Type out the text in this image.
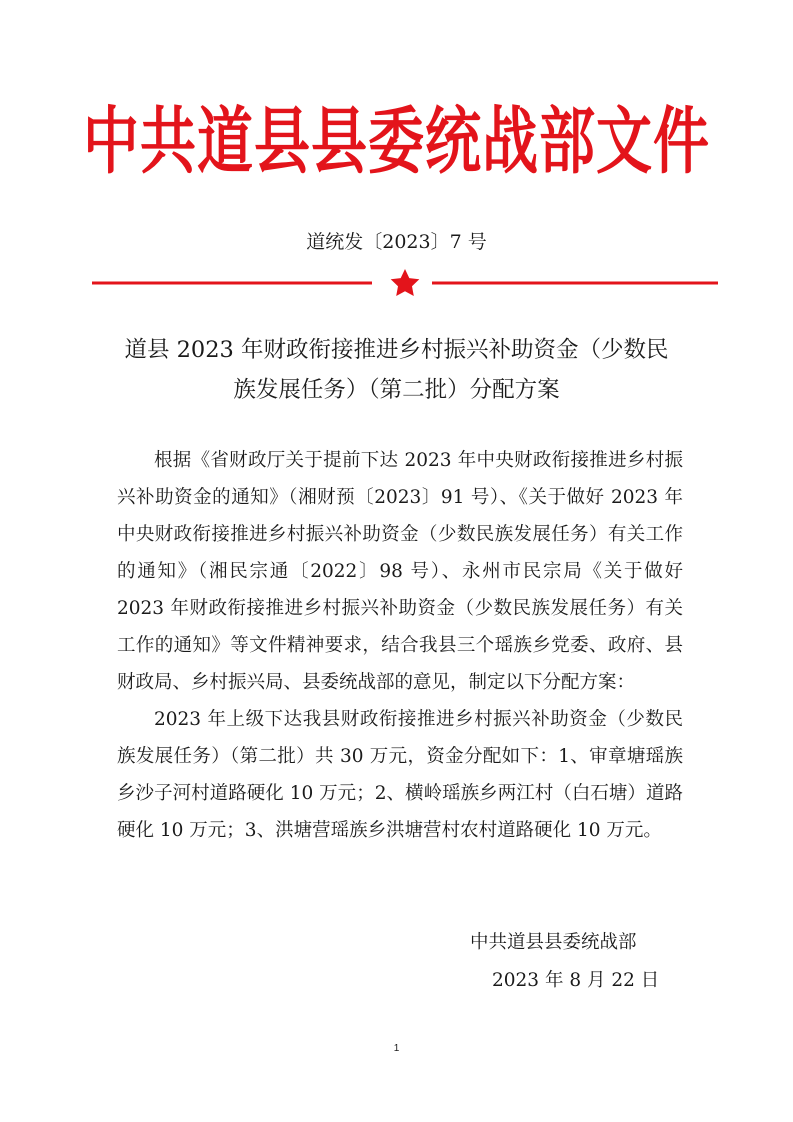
中共道县县委统战部文件
道统发〔2023〕7 号
道县 2023 年财政衔接推进乡村振兴补助资金（少数民
族发展任务）（第二批）分配方案

根据《省财政厅关于提前下达 2023 年中央财政衔接推进乡村振兴补助资金的通知》（湘财预〔2023〕91 号）、《关于做好 2023 年中央财政衔接推进乡村振兴补助资金（少数民族发展任务）有关工作的通知》（湘民宗通〔2022〕98 号）、永州市民宗局《关于做好 2023 年财政衔接推进乡村振兴补助资金（少数民族发展任务）有关工作的通知》等文件精神要求，结合我县三个瑶族乡党委、政府、县财政局、乡村振兴局、县委统战部的意见，制定以下分配方案：

2023 年上级下达我县财政衔接推进乡村振兴补助资金（少数民族发展任务）（第二批）共 30 万元，资金分配如下：1、审章塘瑶族乡沙子河村道路硬化 10 万元；2、横岭瑶族乡两江村（白石塘）道路硬化 10 万元；3、洪塘营瑶族乡洪塘营村农村道路硬化 10 万元。

中共道县县委统战部
2023 年 8 月 22 日
1
